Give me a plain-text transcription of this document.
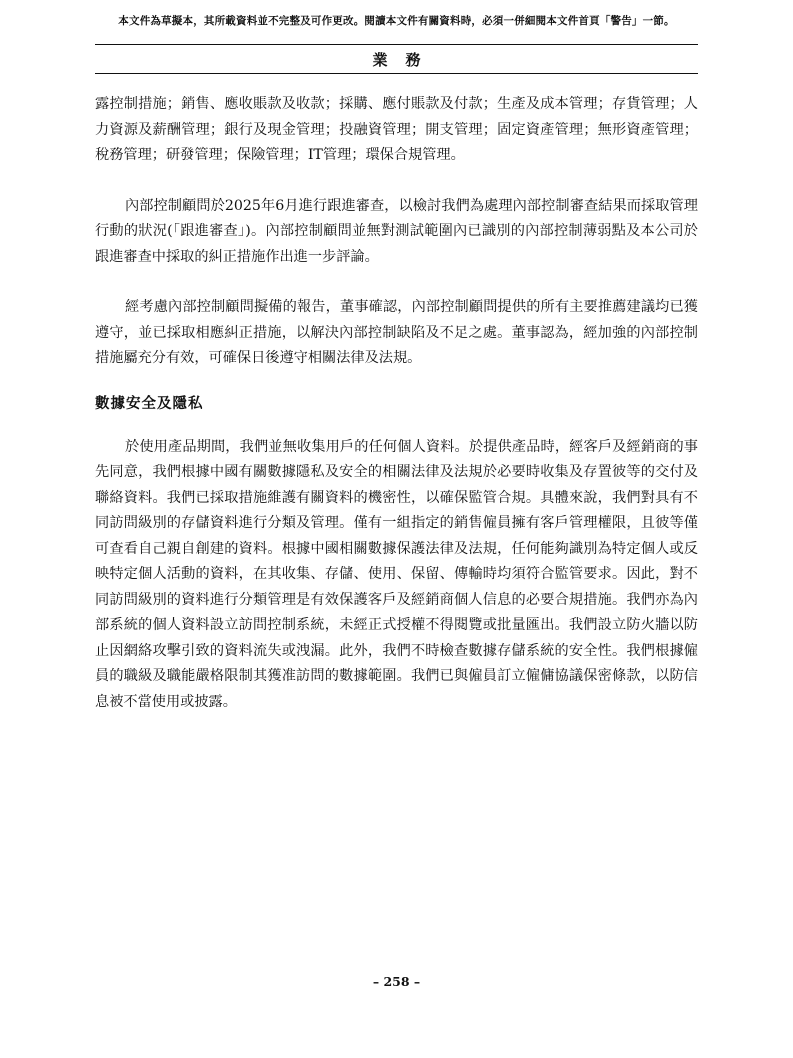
本文件為草擬本，其所載資料並不完整及可作更改。閱讀本文件有關資料時，必須一併細閱本文件首頁「警告」一節。
業務

露控制措施；銷售、應收賬款及收款；採購、應付賬款及付款；生產及成本管理；存貨管理；人力資源及薪酬管理；銀行及現金管理；投融資管理；開支管理；固定資產管理；無形資產管理；稅務管理；研發管理；保險管理；IT管理；環保合規管理。

內部控制顧問於2025年6月進行跟進審查，以檢討我們為處理內部控制審查結果而採取管理行動的狀況(「跟進審查」)。內部控制顧問並無對測試範圍內已識別的內部控制薄弱點及本公司於跟進審查中採取的糾正措施作出進一步評論。

經考慮內部控制顧問擬備的報告，董事確認，內部控制顧問提供的所有主要推薦建議均已獲遵守，並已採取相應糾正措施，以解決內部控制缺陷及不足之處。董事認為，經加強的內部控制措施屬充分有效，可確保日後遵守相關法律及法規。

數據安全及隱私

於使用產品期間，我們並無收集用戶的任何個人資料。於提供產品時，經客戶及經銷商的事先同意，我們根據中國有關數據隱私及安全的相關法律及法規於必要時收集及存置彼等的交付及聯絡資料。我們已採取措施維護有關資料的機密性，以確保監管合規。具體來說，我們對具有不同訪問級別的存儲資料進行分類及管理。僅有一組指定的銷售僱員擁有客戶管理權限，且彼等僅可查看自己親自創建的資料。根據中國相關數據保護法律及法規，任何能夠識別為特定個人或反映特定個人活動的資料，在其收集、存儲、使用、保留、傳輸時均須符合監管要求。因此，對不同訪問級別的資料進行分類管理是有效保護客戶及經銷商個人信息的必要合規措施。我們亦為內部系統的個人資料設立訪問控制系統，未經正式授權不得閱覽或批量匯出。我們設立防火牆以防止因網絡攻擊引致的資料流失或洩漏。此外，我們不時檢查數據存儲系統的安全性。我們根據僱員的職級及職能嚴格限制其獲准訪問的數據範圍。我們已與僱員訂立僱傭協議保密條款，以防信息被不當使用或披露。

– 258 –
